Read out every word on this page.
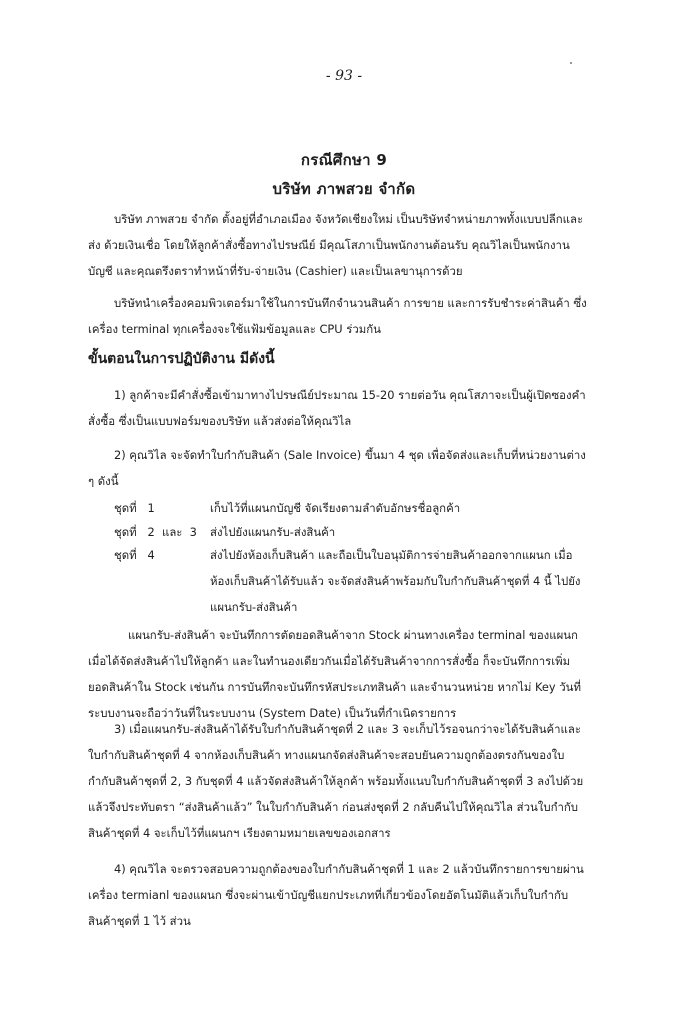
- 93 -
กรณีศึกษา 9
บริษัท ภาพสวย จำกัด

บริษัท ภาพสวย จำกัด ตั้งอยู่ที่อำเภอเมือง จังหวัดเชียงใหม่ เป็นบริษัทจำหน่ายภาพทั้งแบบปลีกและส่ง ด้วยเงินเชื่อ โดยให้ลูกค้าสั่งซื้อทางไปรษณีย์ มีคุณโสภาเป็นพนักงานต้อนรับ คุณวิไลเป็นพนักงานบัญชี และคุณตรึงตราทำหน้าที่รับ-จ่ายเงิน (Cashier) และเป็นเลขานุการด้วย

บริษัทนำเครื่องคอมพิวเตอร์มาใช้ในการบันทึกจำนวนสินค้า การขาย และการรับชำระค่าสินค้า ซึ่งเครื่อง terminal ทุกเครื่องจะใช้แฟ้มข้อมูลและ CPU ร่วมกัน

ขั้นตอนในการปฏิบัติงาน มีดังนี้

1) ลูกค้าจะมีคำสั่งซื้อเข้ามาทางไปรษณีย์ประมาณ 15-20 รายต่อวัน คุณโสภาจะเป็นผู้เปิดซองคำสั่งซื้อ ซึ่งเป็นแบบฟอร์มของบริษัท แล้วส่งต่อให้คุณวิไล

2) คุณวิไล จะจัดทำใบกำกับสินค้า (Sale Invoice) ขึ้นมา 4 ชุด เพื่อจัดส่งและเก็บที่หน่วยงานต่าง ๆ ดังนี้

ชุดที่   1	เก็บไว้ที่แผนกบัญชี จัดเรียงตามลำดับอักษรชื่อลูกค้า
ชุดที่   2  และ  3	ส่งไปยังแผนกรับ-ส่งสินค้า
ชุดที่   4	ส่งไปยังห้องเก็บสินค้า และถือเป็นใบอนุมัติการจ่ายสินค้าออกจากแผนก เมื่อห้องเก็บสินค้าได้รับแล้ว จะจัดส่งสินค้าพร้อมกับใบกำกับสินค้าชุดที่ 4 นี้ ไปยังแผนกรับ-ส่งสินค้า

แผนกรับ-ส่งสินค้า จะบันทึกการตัดยอดสินค้าจาก Stock ผ่านทางเครื่อง terminal ของแผนก เมื่อได้จัดส่งสินค้าไปให้ลูกค้า และในทำนองเดียวกันเมื่อได้รับสินค้าจากการสั่งซื้อ ก็จะบันทึกการเพิ่มยอดสินค้าใน Stock เช่นกัน การบันทึกจะบันทึกรหัสประเภทสินค้า และจำนวนหน่วย หากไม่ Key วันที่ระบบงานจะถือว่าวันที่ในระบบงาน (System Date) เป็นวันที่กำเนิดรายการ

3) เมื่อแผนกรับ-ส่งสินค้าได้รับใบกำกับสินค้าชุดที่ 2 และ 3 จะเก็บไว้รอจนกว่าจะได้รับสินค้าและใบกำกับสินค้าชุดที่ 4 จากห้องเก็บสินค้า ทางแผนกจัดส่งสินค้าจะสอบยันความถูกต้องตรงกันของใบกำกับสินค้าชุดที่ 2, 3 กับชุดที่ 4 แล้วจัดส่งสินค้าให้ลูกค้า พร้อมทั้งแนบใบกำกับสินค้าชุดที่ 3 ลงไปด้วย แล้วจึงประทับตรา “ส่งสินค้าแล้ว” ในใบกำกับสินค้า ก่อนส่งชุดที่ 2 กลับคืนไปให้คุณวิไล ส่วนใบกำกับสินค้าชุดที่ 4 จะเก็บไว้ที่แผนกฯ เรียงตามหมายเลขของเอกสาร

4) คุณวิไล จะตรวจสอบความถูกต้องของใบกำกับสินค้าชุดที่ 1 และ 2 แล้วบันทึกรายการขายผ่านเครื่อง termianl ของแผนก ซึ่งจะผ่านเข้าบัญชีแยกประเภทที่เกี่ยวข้องโดยอัตโนมัติแล้วเก็บใบกำกับสินค้าชุดที่ 1 ไว้ ส่วน
